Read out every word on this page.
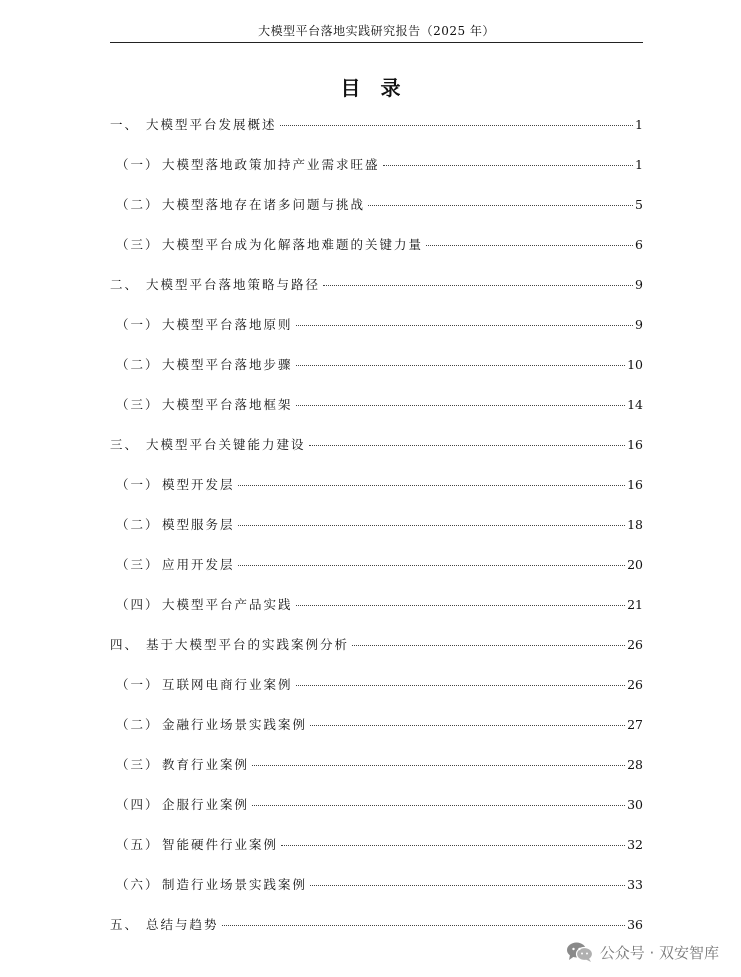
大模型平台落地实践研究报告（2025 年）
目录
一、 大模型平台发展概述	1
（一） 大模型落地政策加持产业需求旺盛	1
（二） 大模型落地存在诸多问题与挑战	5
（三） 大模型平台成为化解落地难题的关键力量	6
二、 大模型平台落地策略与路径	9
（一） 大模型平台落地原则	9
（二） 大模型平台落地步骤	10
（三） 大模型平台落地框架	14
三、 大模型平台关键能力建设	16
（一） 模型开发层	16
（二） 模型服务层	18
（三） 应用开发层	20
（四） 大模型平台产品实践	21
四、 基于大模型平台的实践案例分析	26
（一） 互联网电商行业案例	26
（二） 金融行业场景实践案例	27
（三） 教育行业案例	28
（四） 企服行业案例	30
（五） 智能硬件行业案例	32
（六） 制造行业场景实践案例	33
五、 总结与趋势	36
公众号 · 双安智库
